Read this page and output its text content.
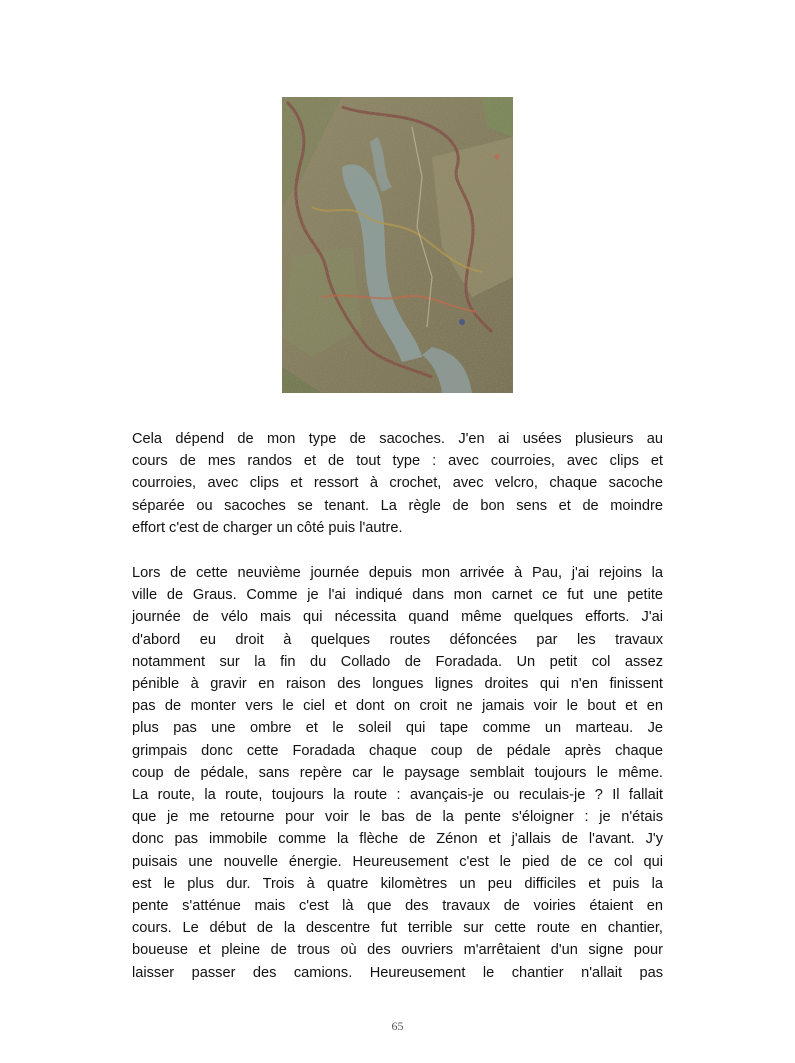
Cela dépend de mon type de sacoches. J'en ai usées plusieurs au
cours de mes randos et de tout type : avec courroies, avec clips et
courroies, avec clips et ressort à crochet, avec velcro, chaque sacoche
séparée ou sacoches se tenant. La règle de bon sens et de moindre
effort c'est de charger un côté puis l'autre.
Lors de cette neuvième journée depuis mon arrivée à Pau, j'ai rejoins la
ville de Graus. Comme je l'ai indiqué dans mon carnet ce fut une petite
journée de vélo mais qui nécessita quand même quelques efforts. J'ai
d'abord eu droit à quelques routes défoncées par les travaux
notamment sur la fin du Collado de Foradada. Un petit col assez
pénible à gravir en raison des longues lignes droites qui n'en finissent
pas de monter vers le ciel et dont on croit ne jamais voir le bout et en
plus pas une ombre et le soleil qui tape comme un marteau. Je
grimpais donc cette Foradada chaque coup de pédale après chaque
coup de pédale, sans repère car le paysage semblait toujours le même.
La route, la route, toujours la route : avançais-je ou reculais-je ? Il fallait
que je me retourne pour voir le bas de la pente s'éloigner : je n'étais
donc pas immobile comme la flèche de Zénon et j'allais de l'avant. J'y
puisais une nouvelle énergie. Heureusement c'est le pied de ce col qui
est le plus dur. Trois à quatre kilomètres un peu difficiles et puis la
pente s'atténue mais c'est là que des travaux de voiries étaient en
cours. Le début de la descentre fut terrible sur cette route en chantier,
boueuse et pleine de trous où des ouvriers m'arrêtaient d'un signe pour
laisser passer des camions. Heureusement le chantier n'allait pas
65
